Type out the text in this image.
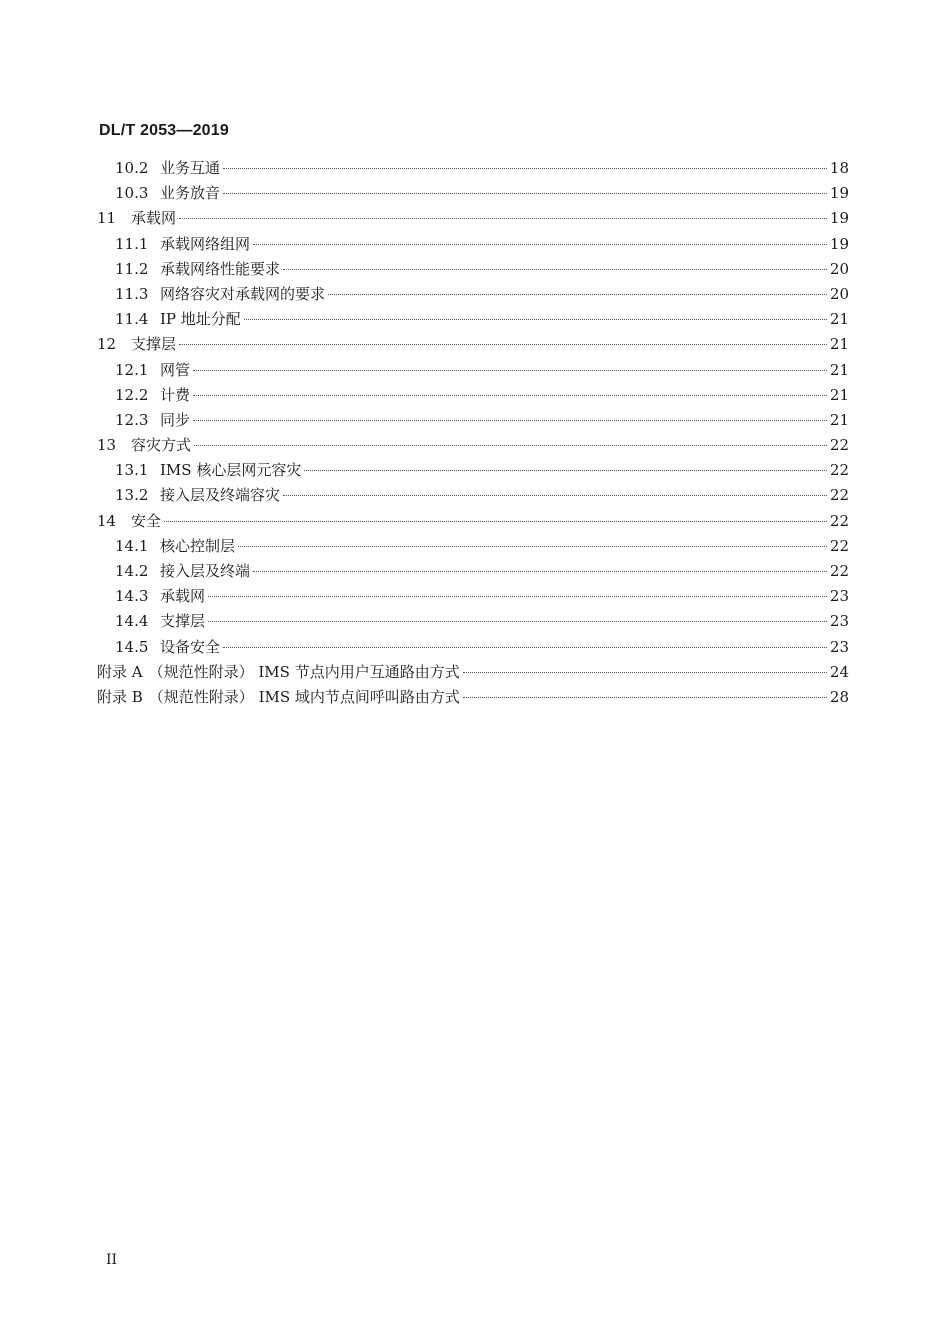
DL/T 2053—2019
10.2 业务互通	18
10.3 业务放音	19
11 承载网	19
11.1 承载网络组网	19
11.2 承载网络性能要求	20
11.3 网络容灾对承载网的要求	20
11.4 IP 地址分配	21
12 支撑层	21
12.1 网管	21
12.2 计费	21
12.3 同步	21
13 容灾方式	22
13.1 IMS 核心层网元容灾	22
13.2 接入层及终端容灾	22
14 安全	22
14.1 核心控制层	22
14.2 接入层及终端	22
14.3 承载网	23
14.4 支撑层	23
14.5 设备安全	23
附录 A （规范性附录） IMS 节点内用户互通路由方式	24
附录 B （规范性附录） IMS 域内节点间呼叫路由方式	28
II
